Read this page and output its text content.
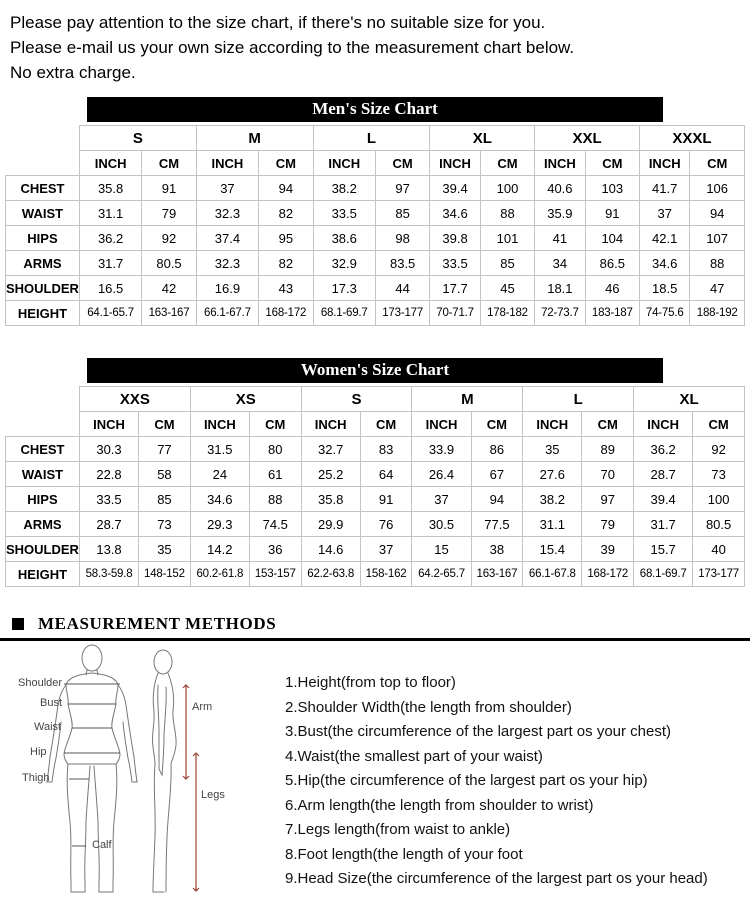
Please pay attention to the size chart, if there's no suitable size for you.

Please e-mail us your own size according to the measurement chart below.

No extra charge.

Men's Size Chart
	S		M		L		XL		XXL		XXXL	
	INCH	CM	INCH	CM	INCH	CM	INCH	CM	INCH	CM	INCH	CM
CHEST	35.8	91	37	94	38.2	97	39.4	100	40.6	103	41.7	106
WAIST	31.1	79	32.3	82	33.5	85	34.6	88	35.9	91	37	94
HIPS	36.2	92	37.4	95	38.6	98	39.8	101	41	104	42.1	107
ARMS	31.7	80.5	32.3	82	32.9	83.5	33.5	85	34	86.5	34.6	88
SHOULDER	16.5	42	16.9	43	17.3	44	17.7	45	18.1	46	18.5	47
HEIGHT	64.1-65.7	163-167	66.1-67.7	168-172	68.1-69.7	173-177	70-71.7	178-182	72-73.7	183-187	74-75.6	188-192
Women's Size Chart
	XXS		XS		S		M		L		XL	
	INCH	CM	INCH	CM	INCH	CM	INCH	CM	INCH	CM	INCH	CM
CHEST	30.3	77	31.5	80	32.7	83	33.9	86	35	89	36.2	92
WAIST	22.8	58	24	61	25.2	64	26.4	67	27.6	70	28.7	73
HIPS	33.5	85	34.6	88	35.8	91	37	94	38.2	97	39.4	100
ARMS	28.7	73	29.3	74.5	29.9	76	30.5	77.5	31.1	79	31.7	80.5
SHOULDER	13.8	35	14.2	36	14.6	37	15	38	15.4	39	15.7	40
HEIGHT	58.3-59.8	148-152	60.2-61.8	153-157	62.2-63.8	158-162	64.2-65.7	163-167	66.1-67.8	168-172	68.1-69.7	173-177
MEASUREMENT METHODS
Shoulder
Bust
Waist
Hip
Thigh
Calf
Arm
Legs
1.Height(from top to floor)
2.Shoulder Width(the length from shoulder)
3.Bust(the circumference of the largest part os your chest)
4.Waist(the smallest part of your waist)
5.Hip(the circumference of the largest part os your hip)
6.Arm length(the length from shoulder to wrist)
7.Legs length(from waist to ankle)
8.Foot length(the length of your foot
9.Head Size(the circumference of the largest part os your head)
